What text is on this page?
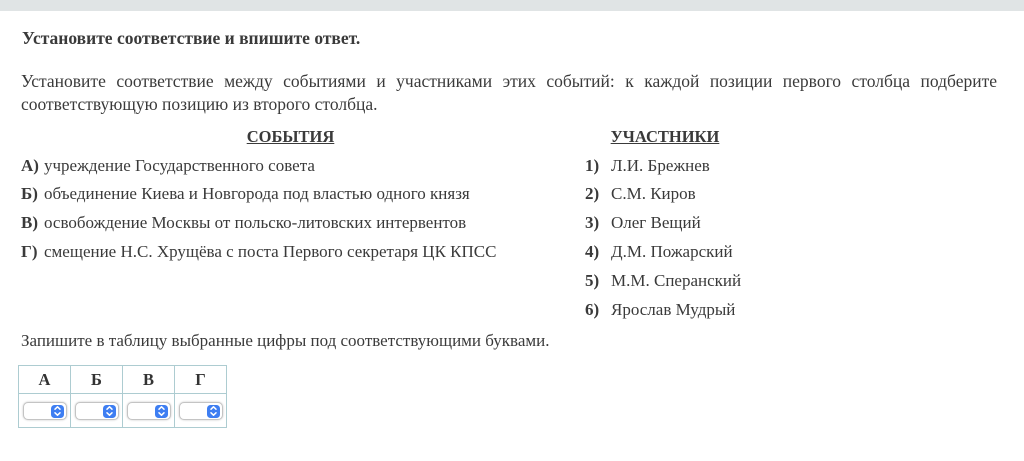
Установите соответствие и впишите ответ.

Установите соответствие между событиями и участниками этих событий: к каждой позиции первого столбца подберите соответствующую позицию из второго столбца.

СОБЫТИЯ
А) учреждение Государственного совета
Б) объединение Киева и Новгорода под властью одного князя
В) освобождение Москвы от польско-литовских интервентов
Г) смещение Н.С. Хрущёва с поста Первого секретаря ЦК КПСС
УЧАСТНИКИ
1) Л.И. Брежнев
2) С.М. Киров
3) Олег Вещий
4) Д.М. Пожарский
5) М.М. Сперанский
6) Ярослав Мудрый

Запишите в таблицу выбранные цифры под соответствующими буквами.

А	Б	В	Г
